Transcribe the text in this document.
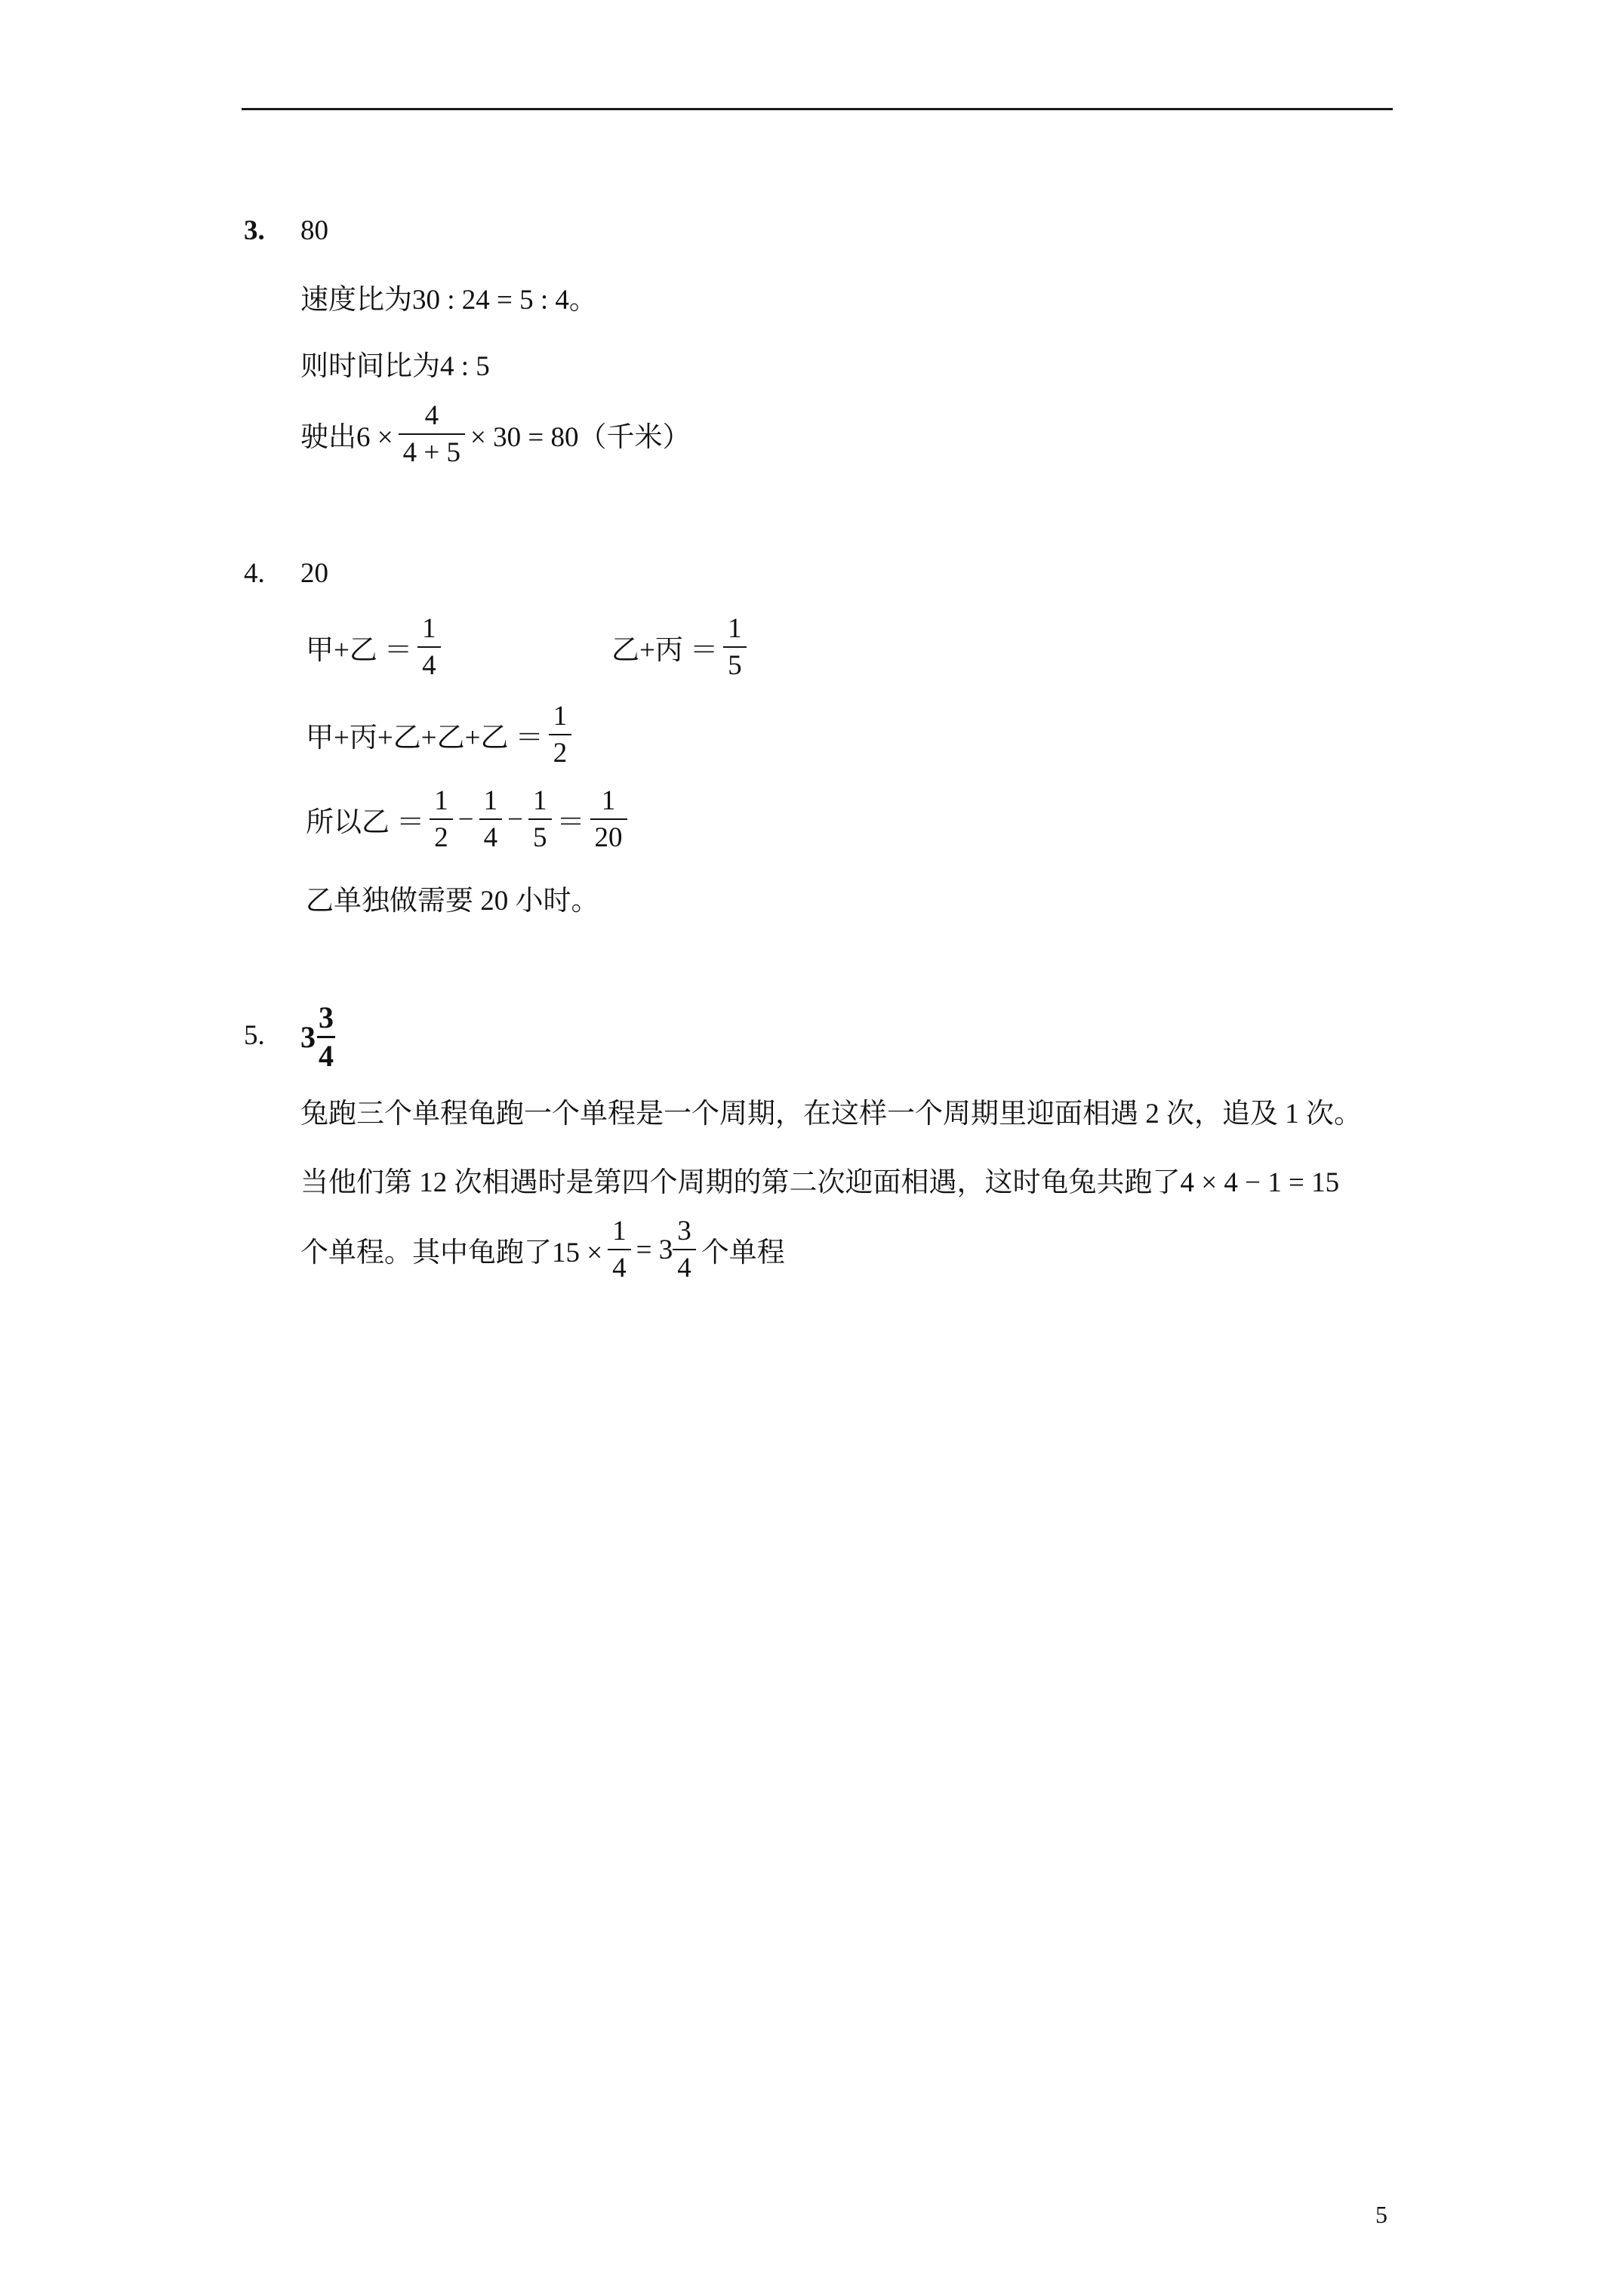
3. 80
速度比为30 : 24 = 5 : 4。
则时间比为4 : 5
驶出$6 \times \frac{4}{4 + 5} \times 30 = 80$（千米）
4. 20
甲+乙 ＝ $\frac{1}{4}$	乙+丙 ＝ $\frac{1}{5}$
甲+丙+乙+乙+乙 ＝ $\frac{1}{2}$
所以乙 ＝ $\frac{1}{2} - \frac{1}{4} - \frac{1}{5} = \frac{1}{20}$
乙单独做需要 20 小时。
5. $3 \frac{3}{4}$
兔跑三个单程龟跑一个单程是一个周期，在这样一个周期里迎面相遇 2 次，追及 1 次。
当他们第 12 次相遇时是第四个周期的第二次迎面相遇，这时龟兔共跑了4 × 4 − 1 = 15
个单程。其中龟跑了$15 \times \frac{1}{4} = 3 \frac{3}{4}$ 个单程
5
